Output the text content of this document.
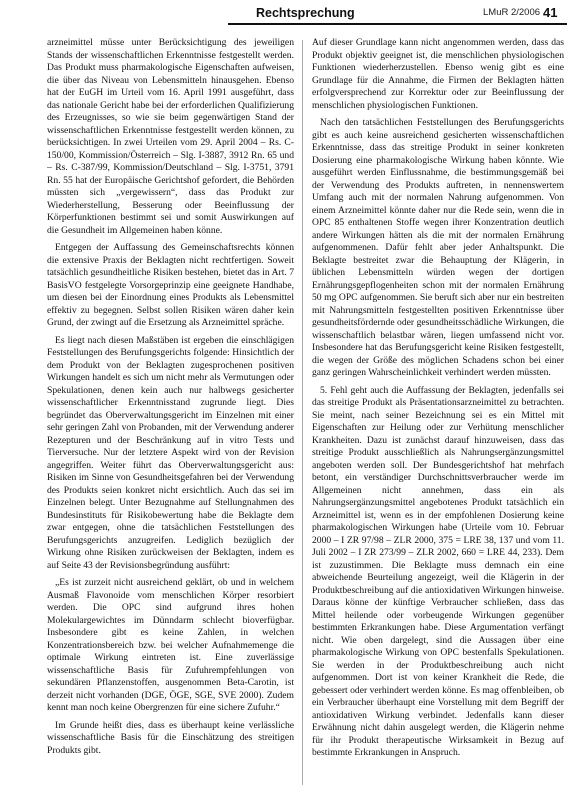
Rechtsprechung	LMuR 2/2006 41

arzneimittel müsse unter Berücksichtigung des jeweiligen Stands der wissenschaftlichen Erkenntnisse festgestellt werden. Das Produkt muss pharmakologische Eigenschaften aufweisen, die über das Niveau von Lebensmitteln hinausgehen. Ebenso hat der EuGH im Urteil vom 16. April 1991 ausgeführt, dass das nationale Gericht habe bei der erforderlichen Qualifizierung des Erzeugnisses, so wie sie beim gegenwärtigen Stand der wissenschaftlichen Erkenntnisse festgestellt werden können, zu berücksichtigen. In zwei Urteilen vom 29. April 2004 – Rs. C-150/00, Kommission/Österreich – Slg. I-3887, 3912 Rn. 65 und – Rs. C-387/99, Kommission/Deutschland – Slg. I-3751, 3791 Rn. 55 hat der Europäische Gerichtshof gefordert, die Behörden müssten sich „vergewissern“, dass das Produkt zur Wiederherstellung, Besserung oder Beeinflussung der Körperfunktionen bestimmt sei und somit Auswirkungen auf die Gesundheit im Allgemeinen haben könne.

Entgegen der Auffassung des Gemeinschaftsrechts können die extensive Praxis der Beklagten nicht rechtfertigen. Soweit tatsächlich gesundheitliche Risiken bestehen, bietet das in Art. 7 BasisVO festgelegte Vorsorgeprinzip eine geeignete Handhabe, um diesen bei der Einordnung eines Produkts als Lebensmittel effektiv zu begegnen. Selbst sollen Risiken wären daher kein Grund, der zwingt auf die Ersetzung als Arzneimittel spräche.

Es liegt nach diesen Maßstäben ist ergeben die einschlägigen Feststellungen des Berufungsgerichts folgende: Hinsichtlich der dem Produkt von der Beklagten zugesprochenen positiven Wirkungen handelt es sich um nicht mehr als Vermutungen oder Spekulationen, denen kein auch nur halbwegs gesicherter wissenschaftlicher Erkenntnisstand zugrunde liegt. Dies begründet das Oberverwaltungsgericht im Einzelnen mit einer sehr geringen Zahl von Probanden, mit der Verwendung anderer Rezepturen und der Beschränkung auf in vitro Tests und Tierversuche. Nur der letztere Aspekt wird von der Revision angegriffen. Weiter führt das Oberverwaltungsgericht aus: Risiken im Sinne von Gesundheitsgefahren bei der Verwendung des Produkts seien konkret nicht ersichtlich. Auch das sei im Einzelnen belegt. Unter Bezugnahme auf Stellungnahmen des Bundesinstituts für Risikobewertung habe die Beklagte dem zwar entgegen, ohne die tatsächlichen Feststellungen des Berufungsgerichts anzugreifen. Lediglich bezüglich der Wirkung ohne Risiken zurückweisen der Beklagten, indem es auf Seite 43 der Revisionsbegründung ausführt:

„Es ist zurzeit nicht ausreichend geklärt, ob und in welchem Ausmaß Flavonoide vom menschlichen Körper resorbiert werden. Die OPC sind aufgrund ihres hohen Molekulargewichtes im Dünndarm schlecht bioverfügbar. Insbesondere gibt es keine Zahlen, in welchen Konzentrationsbereich bzw. bei welcher Aufnahmemenge die optimale Wirkung eintreten ist. Eine zuverlässige wissenschaftliche Basis für Zufuhrempfehlungen von sekundären Pflanzenstoffen, ausgenommen Beta-Carotin, ist derzeit nicht vorhanden (DGE, ÖGE, SGE, SVE 2000). Zudem kennt man noch keine Obergrenzen für eine sichere Zufuhr.“

Im Grunde heißt dies, dass es überhaupt keine verlässliche wissenschaftliche Basis für die Einschätzung des streitigen Produkts gibt.

Auf dieser Grundlage kann nicht angenommen werden, dass das Produkt objektiv geeignet ist, die menschlichen physiologischen Funktionen wiederherzustellen. Ebenso wenig gibt es eine Grundlage für die Annahme, die Firmen der Beklagten hätten erfolgversprechend zur Korrektur oder zur Beeinflussung der menschlichen physiologischen Funktionen.

Nach den tatsächlichen Feststellungen des Berufungsgerichts gibt es auch keine ausreichend gesicherten wissenschaftlichen Erkenntnisse, dass das streitige Produkt in seiner konkreten Dosierung eine pharmakologische Wirkung haben könnte. Wie ausgeführt werden Einflussnahme, die bestimmungsgemäß bei der Verwendung des Produkts auftreten, in nennenswertem Umfang auch mit der normalen Nahrung aufgenommen. Von einem Arzneimittel könnte daher nur die Rede sein, wenn die in OPC 85 enthaltenen Stoffe wegen ihrer Konzentration deutlich andere Wirkungen hätten als die mit der normalen Ernährung aufgenommenen. Dafür fehlt aber jeder Anhaltspunkt. Die Beklagte bestreitet zwar die Behauptung der Klägerin, in üblichen Lebensmitteln würden wegen der dortigen Ernährungsgepflogenheiten schon mit der normalen Ernährung 50 mg OPC aufgenommen. Sie beruft sich aber nur ein bestreiten mit Nahrungsmitteln festgestellten positiven Erkenntnisse über gesundheitsfördernde oder gesundheitsschädliche Wirkungen, die wissenschaftlich belastbar wären, liegen umfassend nicht vor. Insbesondere hat das Berufungsgericht keine Risiken festgestellt, die wegen der Größe des möglichen Schadens schon bei einer ganz geringen Wahrscheinlichkeit verhindert werden müssten.

5. Fehl geht auch die Auffassung der Beklagten, jedenfalls sei das streitige Produkt als Präsentationsarzneimittel zu betrachten. Sie meint, nach seiner Bezeichnung sei es ein Mittel mit Eigenschaften zur Heilung oder zur Verhütung menschlicher Krankheiten. Dazu ist zunächst darauf hinzuweisen, dass das streitige Produkt ausschließlich als Nahrungsergänzungsmittel angeboten werden soll. Der Bundesgerichtshof hat mehrfach betont, ein verständiger Durchschnittsverbraucher werde im Allgemeinen nicht annehmen, dass ein als Nahrungsergänzungsmittel angebotenes Produkt tatsächlich ein Arzneimittel ist, wenn es in der empfohlenen Dosierung keine pharmakologischen Wirkungen habe (Urteile vom 10. Februar 2000 – I ZR 97/98 – ZLR 2000, 375 = LRE 38, 137 und vom 11. Juli 2002 – I ZR 273/99 – ZLR 2002, 660 = LRE 44, 233). Dem ist zuzustimmen. Die Beklagte muss demnach ein eine abweichende Beurteilung angezeigt, weil die Klägerin in der Produktbeschreibung auf die antioxidativen Wirkungen hinweise. Daraus könne der künftige Verbraucher schließen, dass das Mittel heilende oder vorbeugende Wirkungen gegenüber bestimmten Erkrankungen habe. Diese Argumentation verfängt nicht. Wie oben dargelegt, sind die Aussagen über eine pharmakologische Wirkung von OPC bestenfalls Spekulationen. Sie werden in der Produktbeschreibung auch nicht aufgenommen. Dort ist von keiner Krankheit die Rede, die gebessert oder verhindert werden könne. Es mag offenbleiben, ob ein Verbraucher überhaupt eine Vorstellung mit dem Begriff der antioxidativen Wirkung verbindet. Jedenfalls kann dieser Erwähnung nicht dahin ausgelegt werden, die Klägerin nehme für ihr Produkt therapeutische Wirksamkeit in Bezug auf bestimmte Erkrankungen in Anspruch.
